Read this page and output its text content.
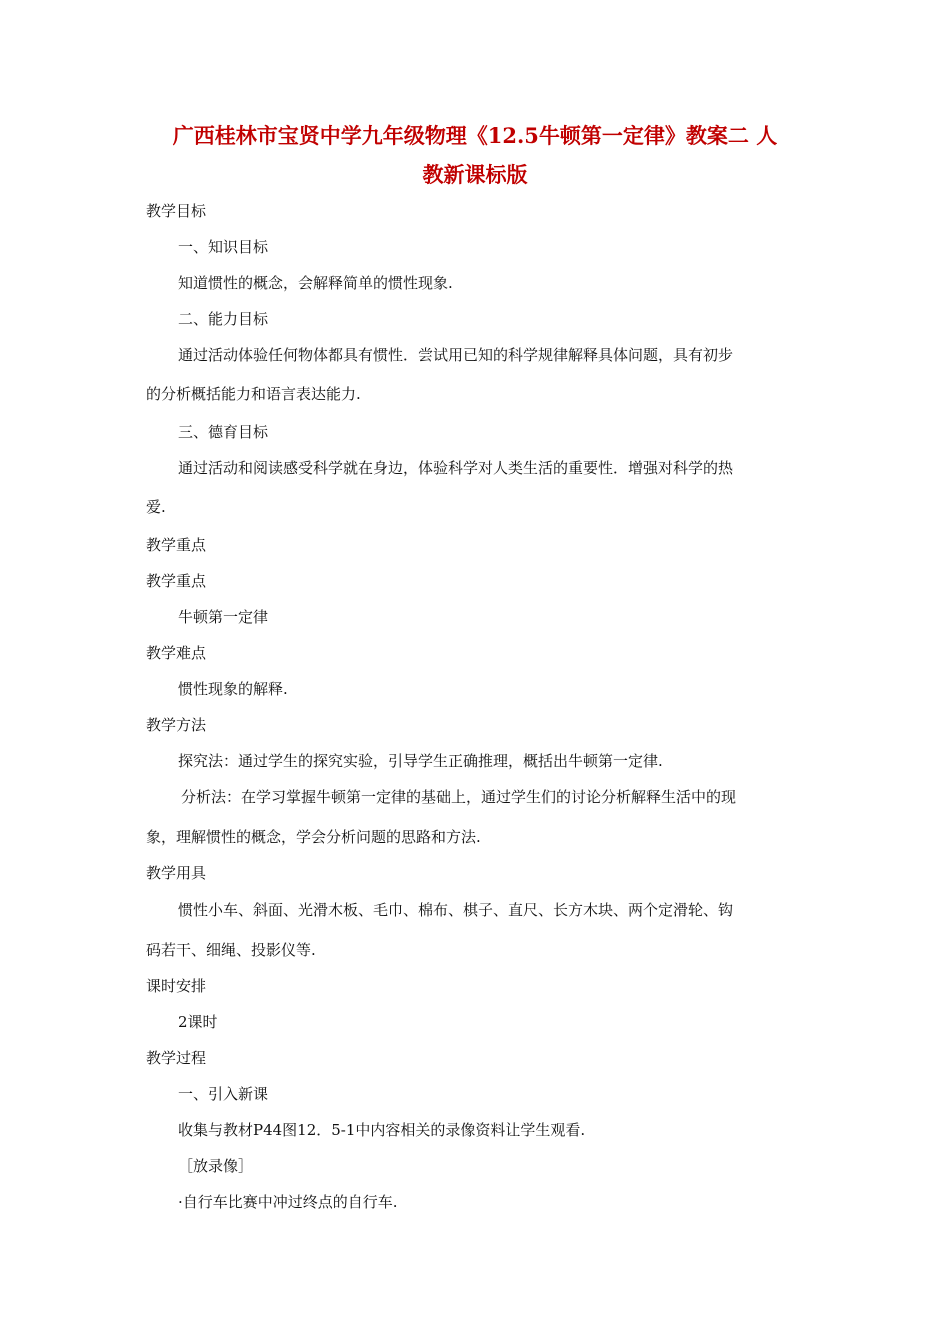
广西桂林市宝贤中学九年级物理《12.5牛顿第一定律》教案二 人
教新课标版
教学目标
一、知识目标
知道惯性的概念，会解释简单的惯性现象.
二、能力目标
通过活动体验任何物体都具有惯性．尝试用已知的科学规律解释具体问题，具有初步
的分析概括能力和语言表达能力.
三、德育目标
通过活动和阅读感受科学就在身边，体验科学对人类生活的重要性．增强对科学的热
爱.
教学重点
教学重点
牛顿第一定律
教学难点
惯性现象的解释.
教学方法
探究法：通过学生的探究实验，引导学生正确推理，概括出牛顿第一定律.
分析法：在学习掌握牛顿第一定律的基础上，通过学生们的讨论分析解释生活中的现
象，理解惯性的概念，学会分析问题的思路和方法.
教学用具
惯性小车、斜面、光滑木板、毛巾、棉布、棋子、直尺、长方木块、两个定滑轮、钩
码若干、细绳、投影仪等.
课时安排
2课时
教学过程
一、引入新课
收集与教材P44图12．5-1中内容相关的录像资料让学生观看.
［放录像］
·自行车比赛中冲过终点的自行车.
